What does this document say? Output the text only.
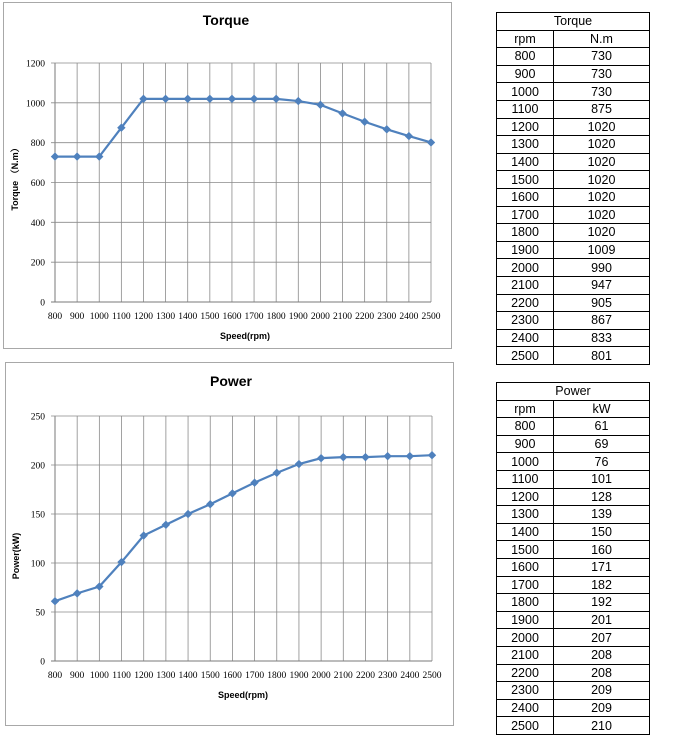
Torque
Torque （N.m）
Speed(rpm)
0
200
400
600
800
1000
1200
800 900 1000 1100 1200 1300 1400 1500 1600 1700 1800 1900 2000 2100 2200 2300 2400 2500
Power
Power(kW)
Speed(rpm)
0
50
100
150
200
250
800 900 1000 1100 1200 1300 1400 1500 1600 1700 1800 1900 2000 2100 2200 2300 2400 2500
Torque	
rpm	N.m
800	730
900	730
1000	730
1100	875
1200	1020
1300	1020
1400	1020
1500	1020
1600	1020
1700	1020
1800	1020
1900	1009
2000	990
2100	947
2200	905
2300	867
2400	833
2500	801
Power	
rpm	kW
800	61
900	69
1000	76
1100	101
1200	128
1300	139
1400	150
1500	160
1600	171
1700	182
1800	192
1900	201
2000	207
2100	208
2200	208
2300	209
2400	209
2500	210
